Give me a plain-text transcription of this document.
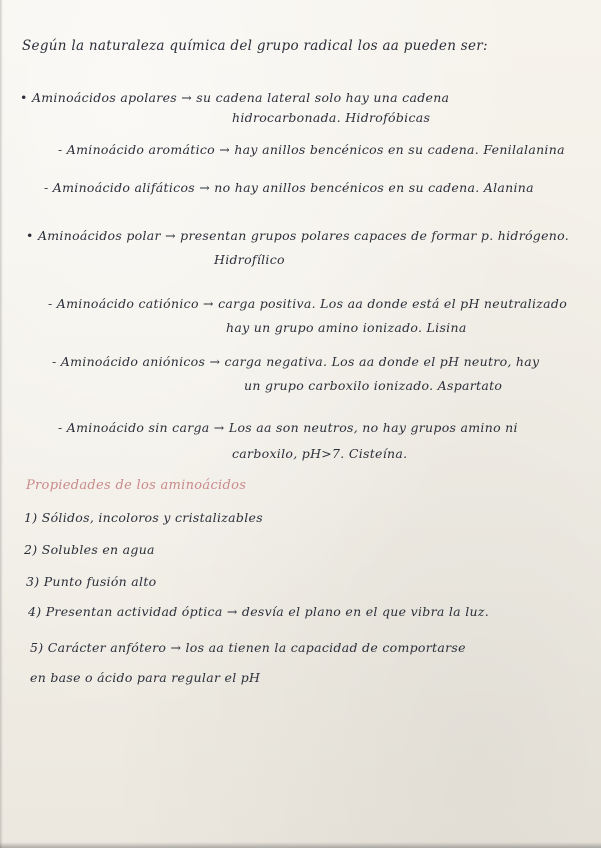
Según la naturaleza química del grupo radical los aa pueden ser:
• Aminoácidos apolares → su cadena lateral solo hay una cadena
hidrocarbonada. Hidrofóbicas
- Aminoácido aromático → hay anillos bencénicos en su cadena. Fenilalanina
- Aminoácido alifáticos → no hay anillos bencénicos en su cadena. Alanina
• Aminoácidos polar → presentan grupos polares capaces de formar p. hidrógeno.
Hidrofílico
- Aminoácido catiónico → carga positiva. Los aa donde está el pH neutralizado
hay un grupo amino ionizado. Lisina
- Aminoácido aniónicos → carga negativa. Los aa donde el pH neutro, hay
un grupo carboxilo ionizado. Aspartato
- Aminoácido sin carga → Los aa son neutros, no hay grupos amino ni
carboxilo, pH>7. Cisteína.
Propiedades de los aminoácidos
1) Sólidos, incoloros y cristalizables
2) Solubles en agua
3) Punto fusión alto
4) Presentan actividad óptica → desvía el plano en el que vibra la luz.
5) Carácter anfótero → los aa tienen la capacidad de comportarse
en base o ácido para regular el pH
